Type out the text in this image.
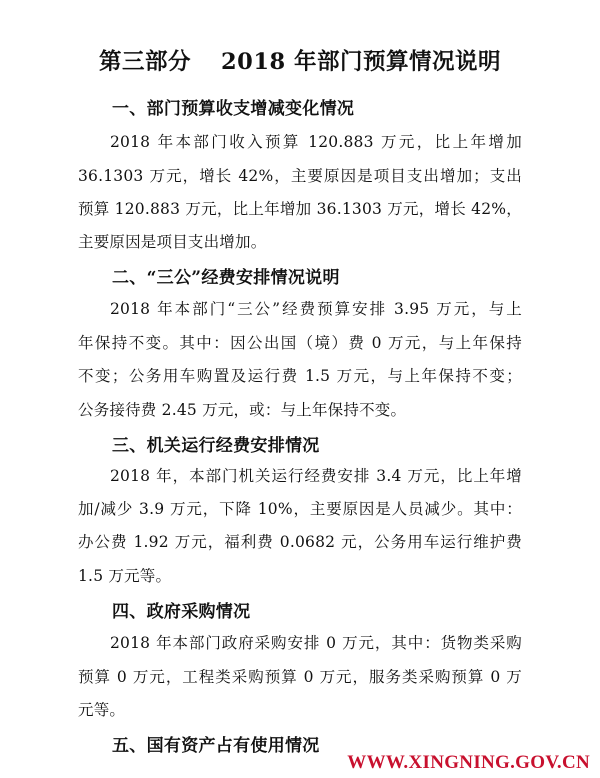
第三部分 2018 年部门预算情况说明
一、部门预算收支增减变化情况
2018 年本部门收入预算 120.883 万元，比上年增加
36.1303 万元，增长 42%，主要原因是项目支出增加；支出
预算 120.883 万元，比上年增加 36.1303 万元，增长 42%，
主要原因是项目支出增加。
二、“三公”经费安排情况说明
2018 年本部门“三公”经费预算安排 3.95 万元，与上
年保持不变。其中：因公出国（境）费 0 万元，与上年保持
不变；公务用车购置及运行费 1.5 万元，与上年保持不变；
公务接待费 2.45 万元，或：与上年保持不变。
三、机关运行经费安排情况
2018 年，本部门机关运行经费安排 3.4 万元，比上年增
加/减少 3.9 万元，下降 10%，主要原因是人员减少。其中：
办公费 1.92 万元，福利费 0.0682 元，公务用车运行维护费
1.5 万元等。
四、政府采购情况
2018 年本部门政府采购安排 0 万元，其中：货物类采购
预算 0 万元，工程类采购预算 0 万元，服务类采购预算 0 万
元等。
五、国有资产占有使用情况
WWW.XINGNING.GOV.CN
